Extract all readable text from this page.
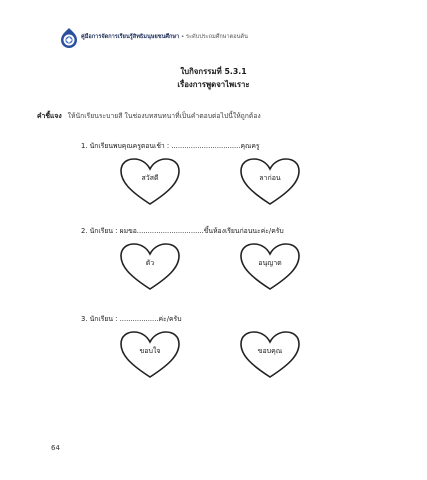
คู่มือการจัดการเรียนรู้สิทธิมนุษยชนศึกษา • ระดับประถมศึกษาตอนต้น
ใบกิจกรรมที่ 5.3.1
เรื่องการพูดจาไพเราะ
คำชี้แจง ให้นักเรียนระบายสี ในช่องบทสนทนาที่เป็นคำตอบต่อไปนี้ให้ถูกต้อง
1. นักเรียนพบคุณครูตอนเช้า : ................................คุณครู
สวัสดี	ลาก่อน
2. นักเรียน : ผมขอ...............................ขึ้นห้องเรียนก่อนนะค่ะ/ครับ
ตัว	อนุญาต
3. นักเรียน : ..................ค่ะ/ครับ
ขอบใจ	ขอบคุณ
64
